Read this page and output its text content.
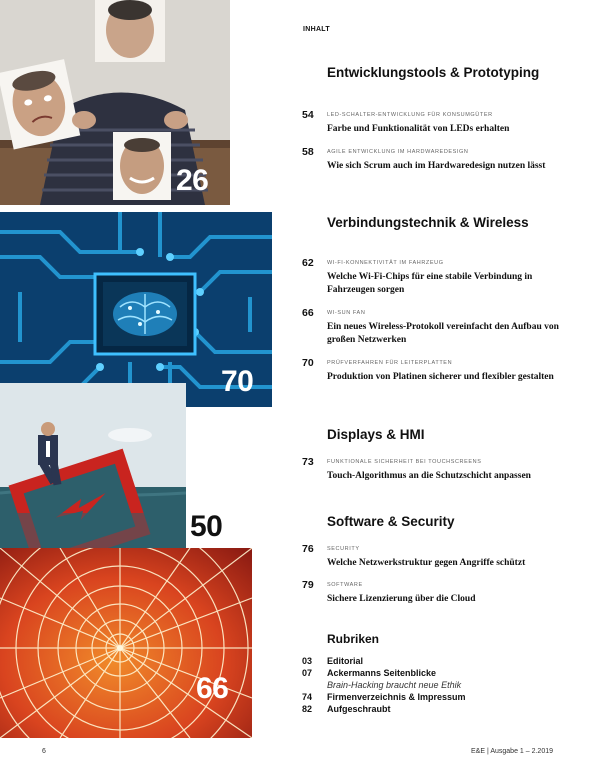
26
70
50
66
INHALT
Entwicklungstools & Prototyping
54 LED-SCHALTER-ENTWICKLUNG FÜR KONSUMGÜTER
Farbe und Funktionalität von LEDs erhalten
58 AGILE ENTWICKLUNG IM HARDWAREDESIGN
Wie sich Scrum auch im Hardwaredesign nutzen lässt
Verbindungstechnik & Wireless
62 WI-FI-KONNEKTIVITÄT IM FAHRZEUG
Welche Wi-Fi-Chips für eine stabile Verbindung in Fahrzeugen sorgen
66 WI-SUN FAN
Ein neues Wireless-Protokoll vereinfacht den Aufbau von großen Netzwerken
70 PRÜFVERFAHREN FÜR LEITERPLATTEN
Produktion von Platinen sicherer und flexibler gestalten
Displays & HMI
73 FUNKTIONALE SICHERHEIT BEI TOUCHSCREENS
Touch-Algorithmus an die Schutzschicht anpassen
Software & Security
76 SECURITY
Welche Netzwerkstruktur gegen Angriffe schützt
79 SOFTWARE
Sichere Lizenzierung über die Cloud
Rubriken
03 Editorial
07 Ackermanns Seitenblicke
Brain-Hacking braucht neue Ethik
74 Firmenverzeichnis & Impressum
82 Aufgeschraubt
6	E&E | Ausgabe 1 – 2.2019
